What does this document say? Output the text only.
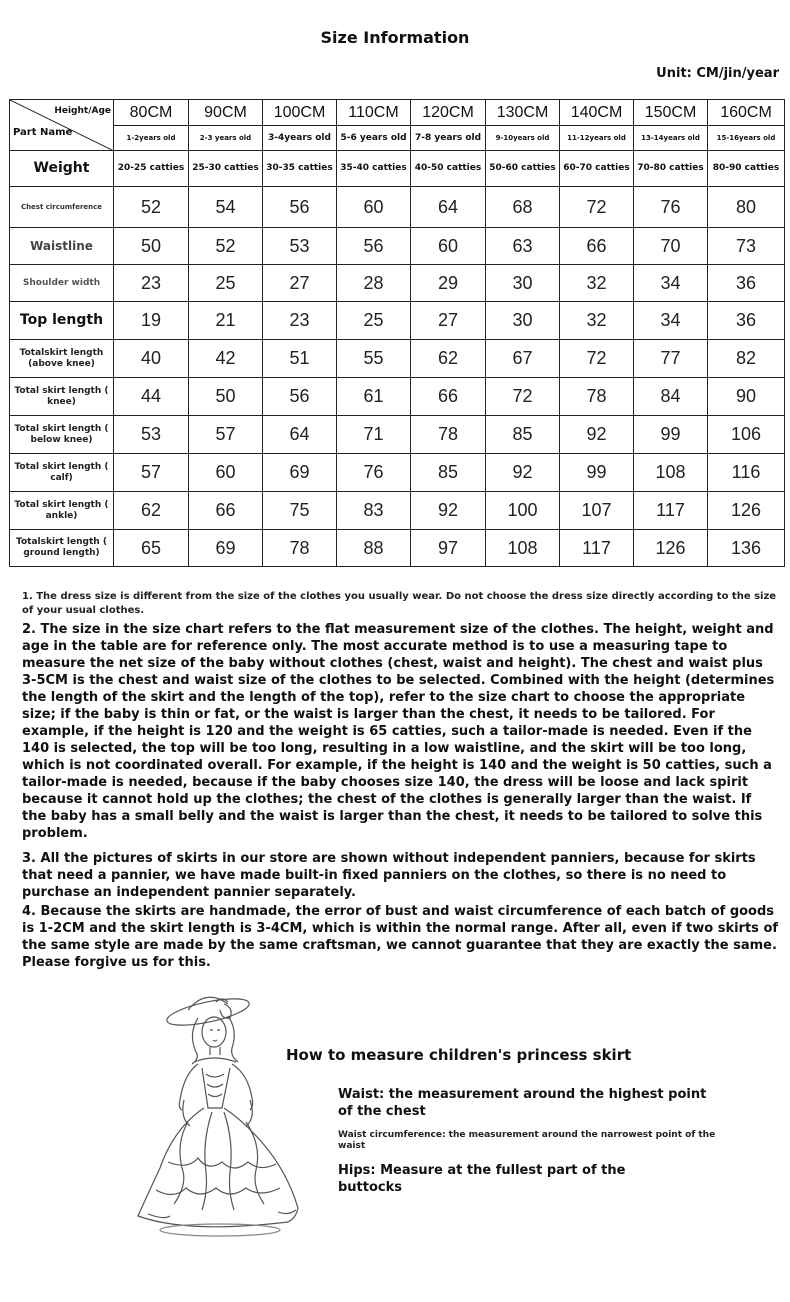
Size Information
Unit: CM/jin/year
Height/Age
Part Name	80CM	90CM	100CM	110CM	120CM	130CM	140CM	150CM	160CM
	1-2years old	2-3 years old	3-4years old	5-6 years old	7-8 years old	9-10years old	11-12years old	13-14years old	15-16years old
Weight	20-25 catties	25-30 catties	30-35 catties	35-40 catties	40-50 catties	50-60 catties	60-70 catties	70-80 catties	80-90 catties
Chest circumference	52	54	56	60	64	68	72	76	80
Waistline	50	52	53	56	60	63	66	70	73
Shoulder width	23	25	27	28	29	30	32	34	36
Top length	19	21	23	25	27	30	32	34	36
Totalskirt length (above knee)	40	42	51	55	62	67	72	77	82
Total skirt length ( knee)	44	50	56	61	66	72	78	84	90
Total skirt length ( below knee)	53	57	64	71	78	85	92	99	106
Total skirt length ( calf)	57	60	69	76	85	92	99	108	116
Total skirt length ( ankle)	62	66	75	83	92	100	107	117	126
Totalskirt length ( ground length)	65	69	78	88	97	108	117	126	136

1. The dress size is different from the size of the clothes you usually wear. Do not choose the dress size directly according to the size of your usual clothes.

2. The size in the size chart refers to the flat measurement size of the clothes. The height, weight and age in the table are for reference only. The most accurate method is to use a measuring tape to measure the net size of the baby without clothes (chest, waist and height). The chest and waist plus 3-5CM is the chest and waist size of the clothes to be selected. Combined with the height (determines the length of the skirt and the length of the top), refer to the size chart to choose the appropriate size; if the baby is thin or fat, or the waist is larger than the chest, it needs to be tailored. For example, if the height is 120 and the weight is 65 catties, such a tailor-made is needed. Even if the 140 is selected, the top will be too long, resulting in a low waistline, and the skirt will be too long, which is not coordinated overall. For example, if the height is 140 and the weight is 50 catties, such a tailor-made is needed, because if the baby chooses size 140, the dress will be loose and lack spirit because it cannot hold up the clothes; the chest of the clothes is generally larger than the waist. If the baby has a small belly and the waist is larger than the chest, it needs to be tailored to solve this problem.

3. All the pictures of skirts in our store are shown without independent panniers, because for skirts that need a pannier, we have made built-in fixed panniers on the clothes, so there is no need to purchase an independent pannier separately.

4. Because the skirts are handmade, the error of bust and waist circumference of each batch of goods is 1-2CM and the skirt length is 3-4CM, which is within the normal range. After all, even if two skirts of the same style are made by the same craftsman, we cannot guarantee that they are exactly the same. Please forgive us for this.

How to measure children's princess skirt
Waist: the measurement around the highest point of the chest
Waist circumference: the measurement around the narrowest point of the waist
Hips: Measure at the fullest part of the buttocks
